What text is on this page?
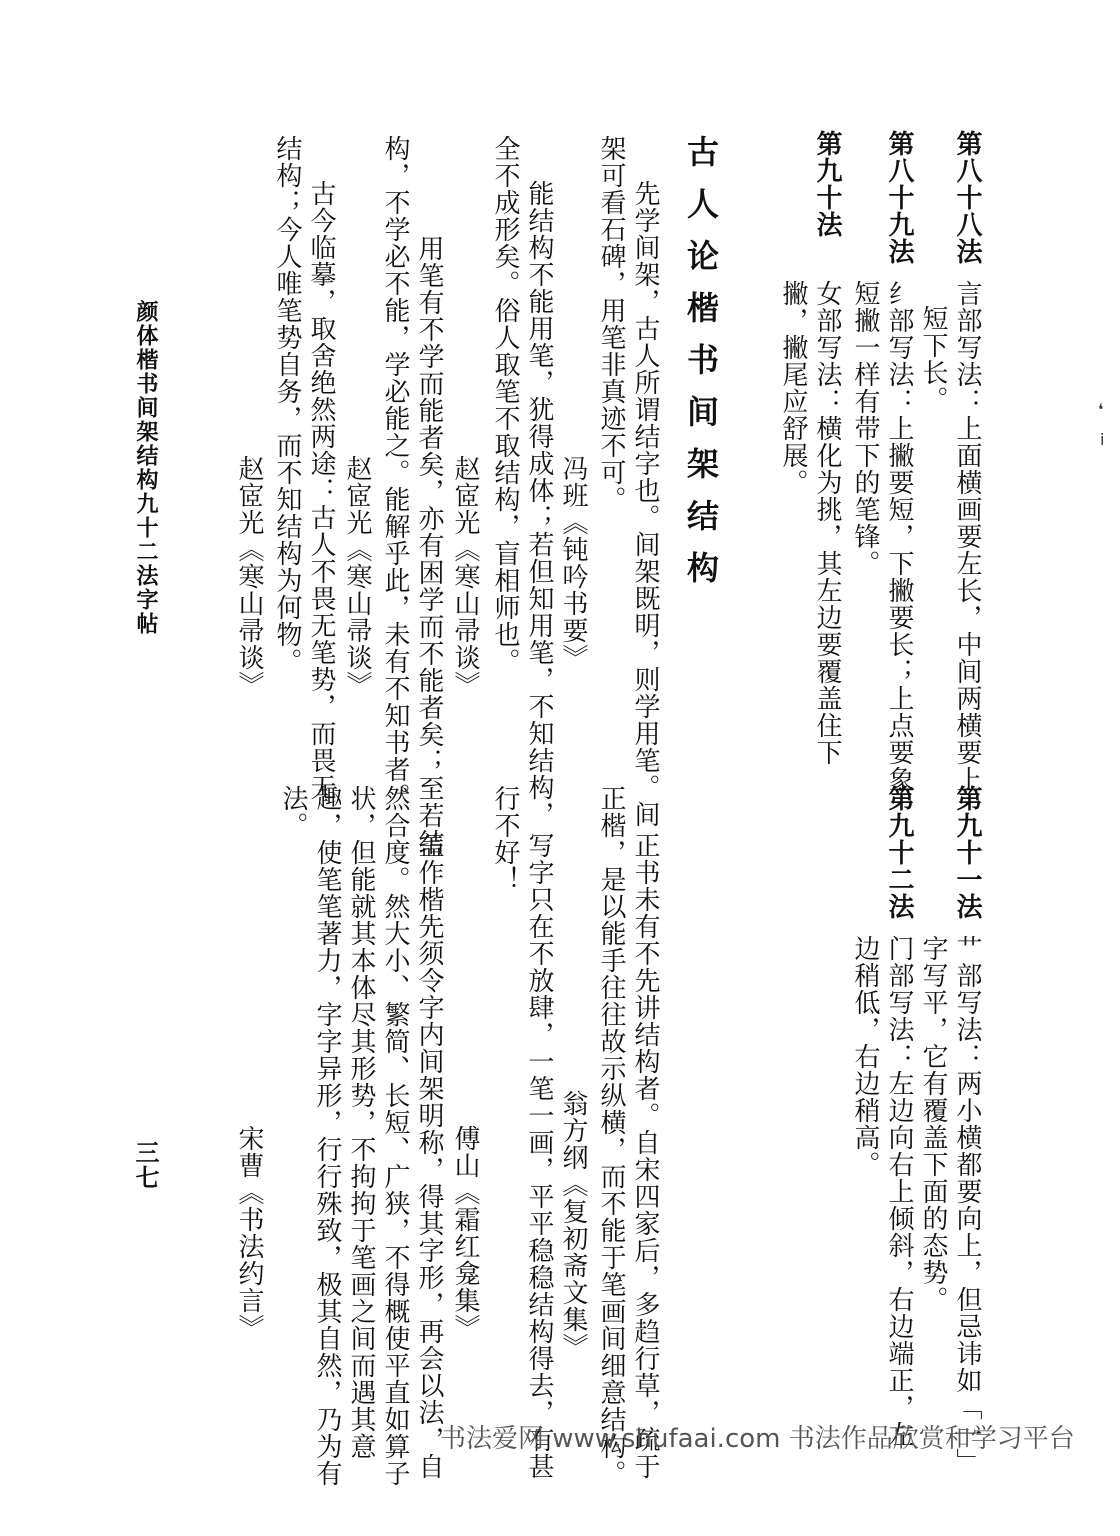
第八十八法
言部写法：上面横画要左长，中间两横要上
短下长。
第八十九法
纟部写法：上撇要短，下撇要长；上点要象
短撇一样有带下的笔锋。
第九十法
女部写法：横化为挑，其左边要覆盖住下
撇，撇尾应舒展。
古人论楷书间架结构
先学间架，古人所谓结字也。间架既明，则学用笔。间
架可看石碑，用笔非真迹不可。
冯班《钝吟书要》
能结构不能用笔，犹得成体；若但知用笔，不知结构，
全不成形矣。俗人取笔不取结构，盲相师也。
赵宧光《寒山帚谈》
用笔有不学而能者矣，亦有困学而不能者矣；至若结
构，不学必不能，学必能之。能解乎此，未有不知书者。
赵宧光《寒山帚谈》
古今临摹，取舍绝然两途：古人不畏无笔势，而畏无
结构；今人唯笔势自务，而不知结构为何物。
赵宧光《寒山帚谈》
颜体楷书间架结构九十二法字帖
第九十一法
艹部写法：两小横都要向上，但忌讳如「一」
字写平，它有覆盖下面的态势。
第九十二法
门部写法：左边向右上倾斜，右边端正，左
边稍低，右边稍高。
正书未有不先讲结构者。自宋四家后，多趋行草，疏于
正楷，是以能手往往故示纵横，而不能于笔画间细意结构。
翁方纲《复初斋文集》
写字只在不放肆，一笔一画，平平稳稳结构得去，有甚
行不好！
傅山《霜红龛集》
盖作楷先须令字内间架明称，得其字形，再会以法，自
然合度。然大小、繁简、长短、广狭，不得概使平直如算子
状，但能就其本体尽其形势，不拘拘于笔画之间而遇其意
趣，使笔笔著力，字字异形，行行殊致，极其自然，乃为有
法。
宋曹《书法约言》
三七
❛
ⅰ
书法爱网 www.shufaai.com 书法作品欣赏和学习平台
